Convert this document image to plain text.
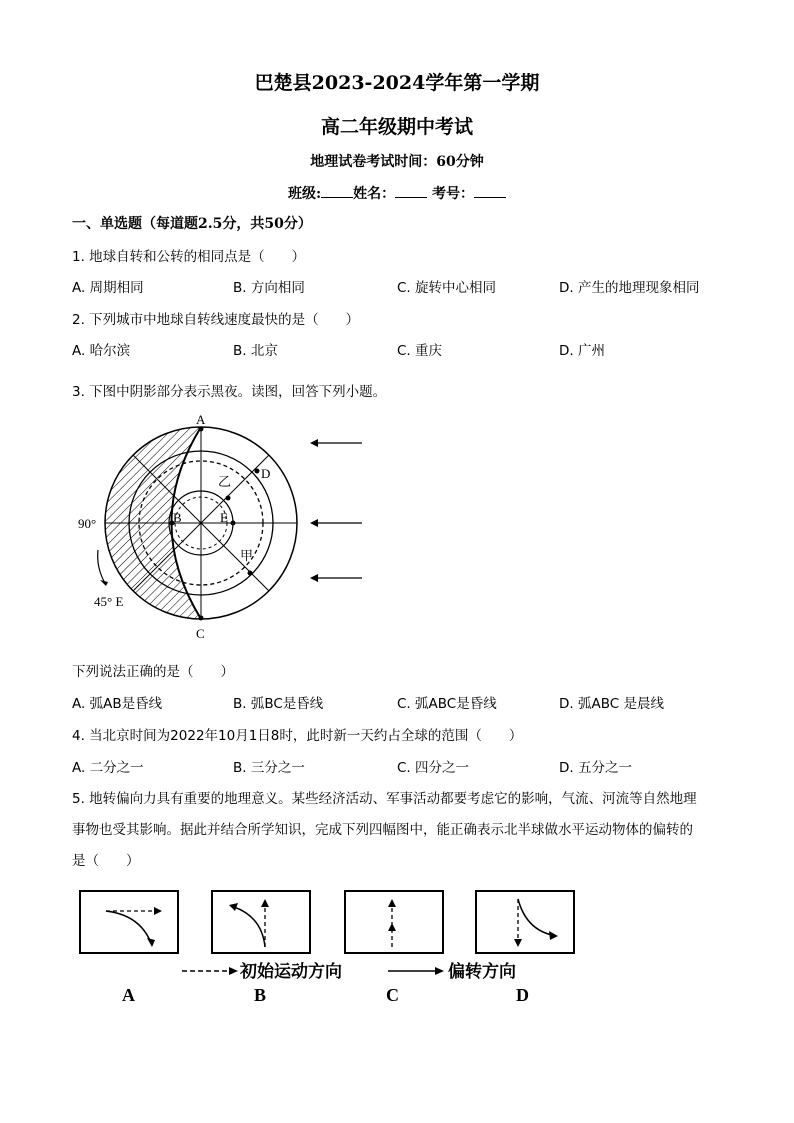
巴楚县2023-2024学年第一学期
高二年级期中考试
地理试卷考试时间：60分钟
班级: 姓名：	考号：
一、单选题（每道题2.5分，共50分）
1. 地球自转和公转的相同点是（　　）
A. 周期相同	B. 方向相同	C. 旋转中心相同	D. 产生的地理现象相同
2. 下列城市中地球自转线速度最快的是（　　）
A. 哈尔滨	B. 北京	C. 重庆	D. 广州
3. 下图中阴影部分表示黑夜。读图，回答下列小题。
A
C
B	E
D
乙
甲
90°
45° E
下列说法正确的是（　　）
A. 弧AB是昏线	B. 弧BC是昏线	C. 弧ABC是昏线	D. 弧ABC 是晨线
4. 当北京时间为2022年10月1日8时，此时新一天约占全球的范围（　　）
A. 二分之一	B. 三分之一	C. 四分之一	D. 五分之一
5. 地转偏向力具有重要的地理意义。某些经济活动、军事活动都要考虑它的影响，气流、河流等自然地理
事物也受其影响。据此并结合所学知识，完成下列四幅图中，能正确表示北半球做水平运动物体的偏转的
是（　　）
初始运动方向	偏转方向
A	B	C	D
